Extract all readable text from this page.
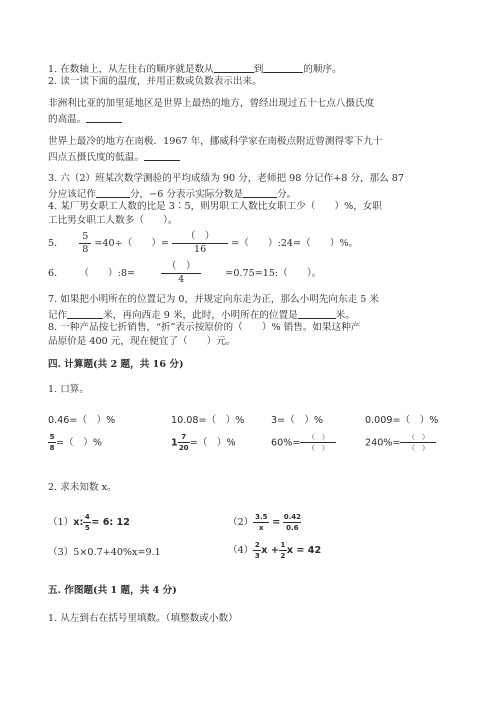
1. 在数轴上，从左往右的顺序就是数从	到	的顺序。
2. 读一读下面的温度，并用正数或负数表示出来。
非洲利比亚的加里延地区是世界上最热的地方，曾经出现过五十七点八摄氏度
的高温。
世界上最冷的地方在南极．1967 年，挪威科学家在南极点附近曾测得零下九十
四点五摄氏度的低温。
3. 六（2）班某次数学测验的平均成绩为 90 分，老师把 98 分记作+8 分，那么 87
分应该记作	分，−6 分表示实际分数是	分。
4. 某厂男女职工人数的比是 3∶5，则男职工人数比女职工少（　　）%，女职
工比男女职工人数多（　　）。
5. $\frac{5}{8} =40\div$（　　）= $\frac{( )}{16}$ =（　　）:24=（　　）%。
6. （　　）:8=	$\frac{( )}{4}$	=0.75=15:（　　）。
7. 如果把小明所在的位置记为 0，并规定向东走为正，那么小明先向东走 5 米
记作	米，再向西走 9 米，此时，小明所在的位置是	米。
8. 一种产品按七折销售，“折”表示按原价的（　　）% 销售。如果这种产
品原价是 400 元，现在便宜了（　　）元。
四. 计算题(共 2 题，共 16 分)
1. 口算。
0.46=（　）%	10.08=（　）%	3=（　）%	0.009=（　）%
$\frac{5}{8}$ =（　）%	$1 \frac{7}{20}$ =（　）%	$60\%= \frac{( )}{( )}$	$240\%= \frac{( )}{( )}$
2. 求未知数 x。
（1）x: $\frac{4}{5} = 6$: 12	$(2) \frac{3.5}{x} = \frac{0.42}{0.6}$
（3）5×0.7+40%x=9.1	$(4) \frac{2}{3}$ $x + \frac{1}{2}$ x = 42
五. 作图题(共 1 题，共 4 分)
1. 从左到右在括号里填数。（填整数或小数）
